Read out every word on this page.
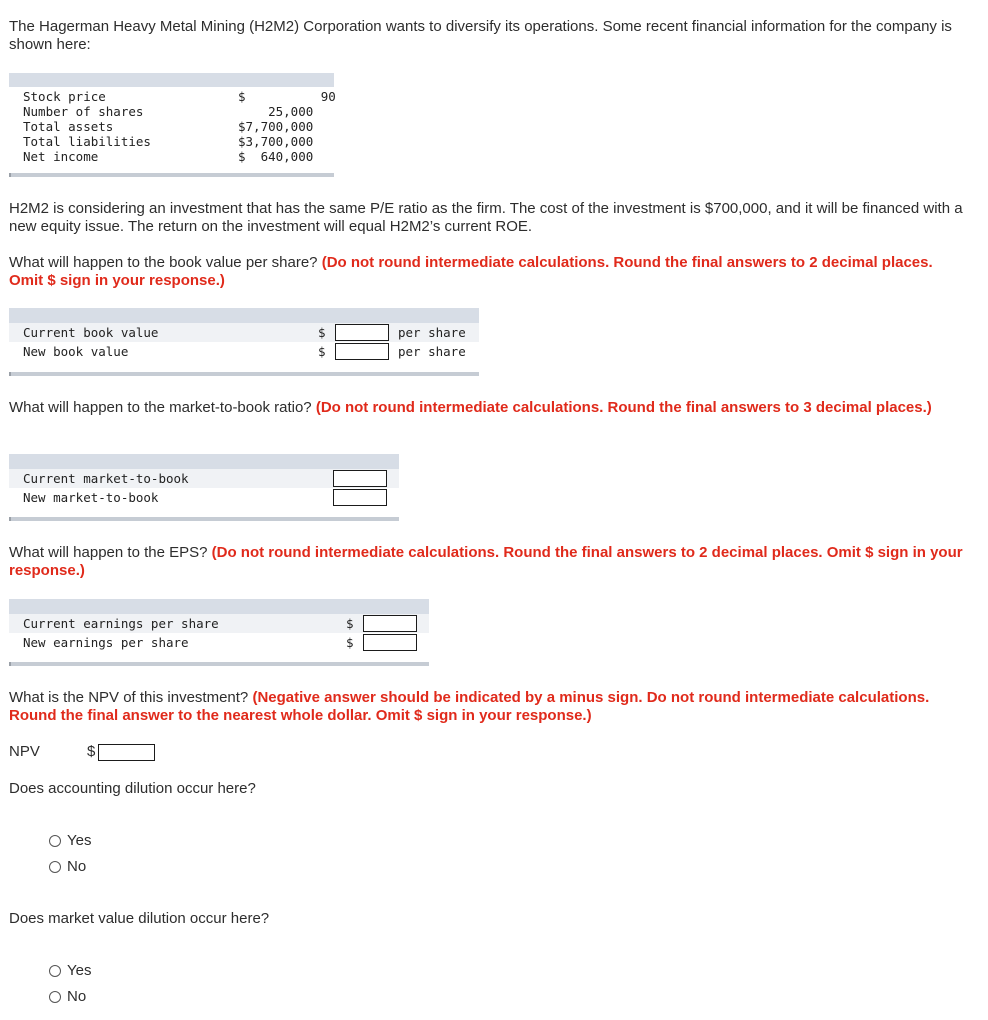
The Hagerman Heavy Metal Mining (H2M2) Corporation wants to diversify its operations. Some recent financial information for the company is shown here:

Stock price	$          90
Number of shares	25,000
Total assets	$7,700,000
Total liabilities	$3,700,000
Net income	$  640,000

H2M2 is considering an investment that has the same P/E ratio as the firm. The cost of the investment is $700,000, and it will be financed with a new equity issue. The return on the investment will equal H2M2’s current ROE.

What will happen to the book value per share? (Do not round intermediate calculations. Round the final answers to 2 decimal places. Omit $ sign in your response.)

Current book value	$	per share
New book value	$	per share

What will happen to the market-to-book ratio? (Do not round intermediate calculations. Round the final answers to 3 decimal places.)

Current market-to-book
New market-to-book

What will happen to the EPS? (Do not round intermediate calculations. Round the final answers to 2 decimal places. Omit $ sign in your response.)

Current earnings per share	$
New earnings per share	$

What is the NPV of this investment? (Negative answer should be indicated by a minus sign. Do not round intermediate calculations. Round the final answer to the nearest whole dollar. Omit $ sign in your response.)

NPV	$

Does accounting dilution occur here?

Yes
No

Does market value dilution occur here?

Yes
No
